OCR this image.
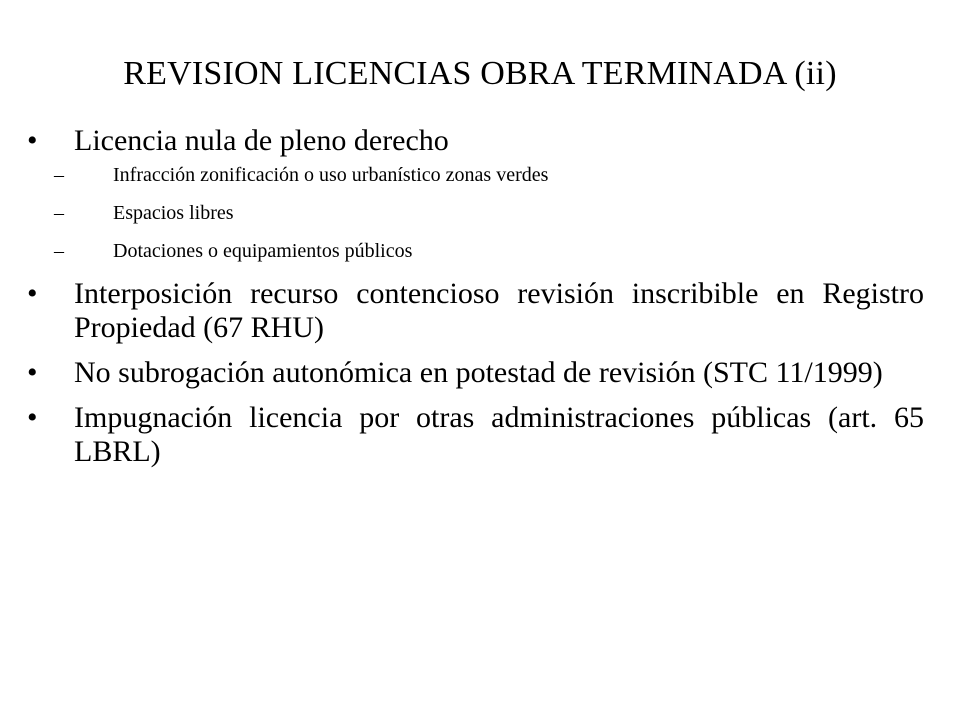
REVISION LICENCIAS OBRA TERMINADA (ii)
•	Licencia nula de pleno derecho
–	Infracción zonificación o uso urbanístico zonas verdes
–	Espacios libres
–	Dotaciones o equipamientos públicos
•	Interposición recurso contencioso revisión inscribible en Registro Propiedad (67 RHU)
•	No subrogación autonómica en potestad de revisión (STC 11/1999)
•	Impugnación licencia por otras administraciones públicas (art. 65 LBRL)
